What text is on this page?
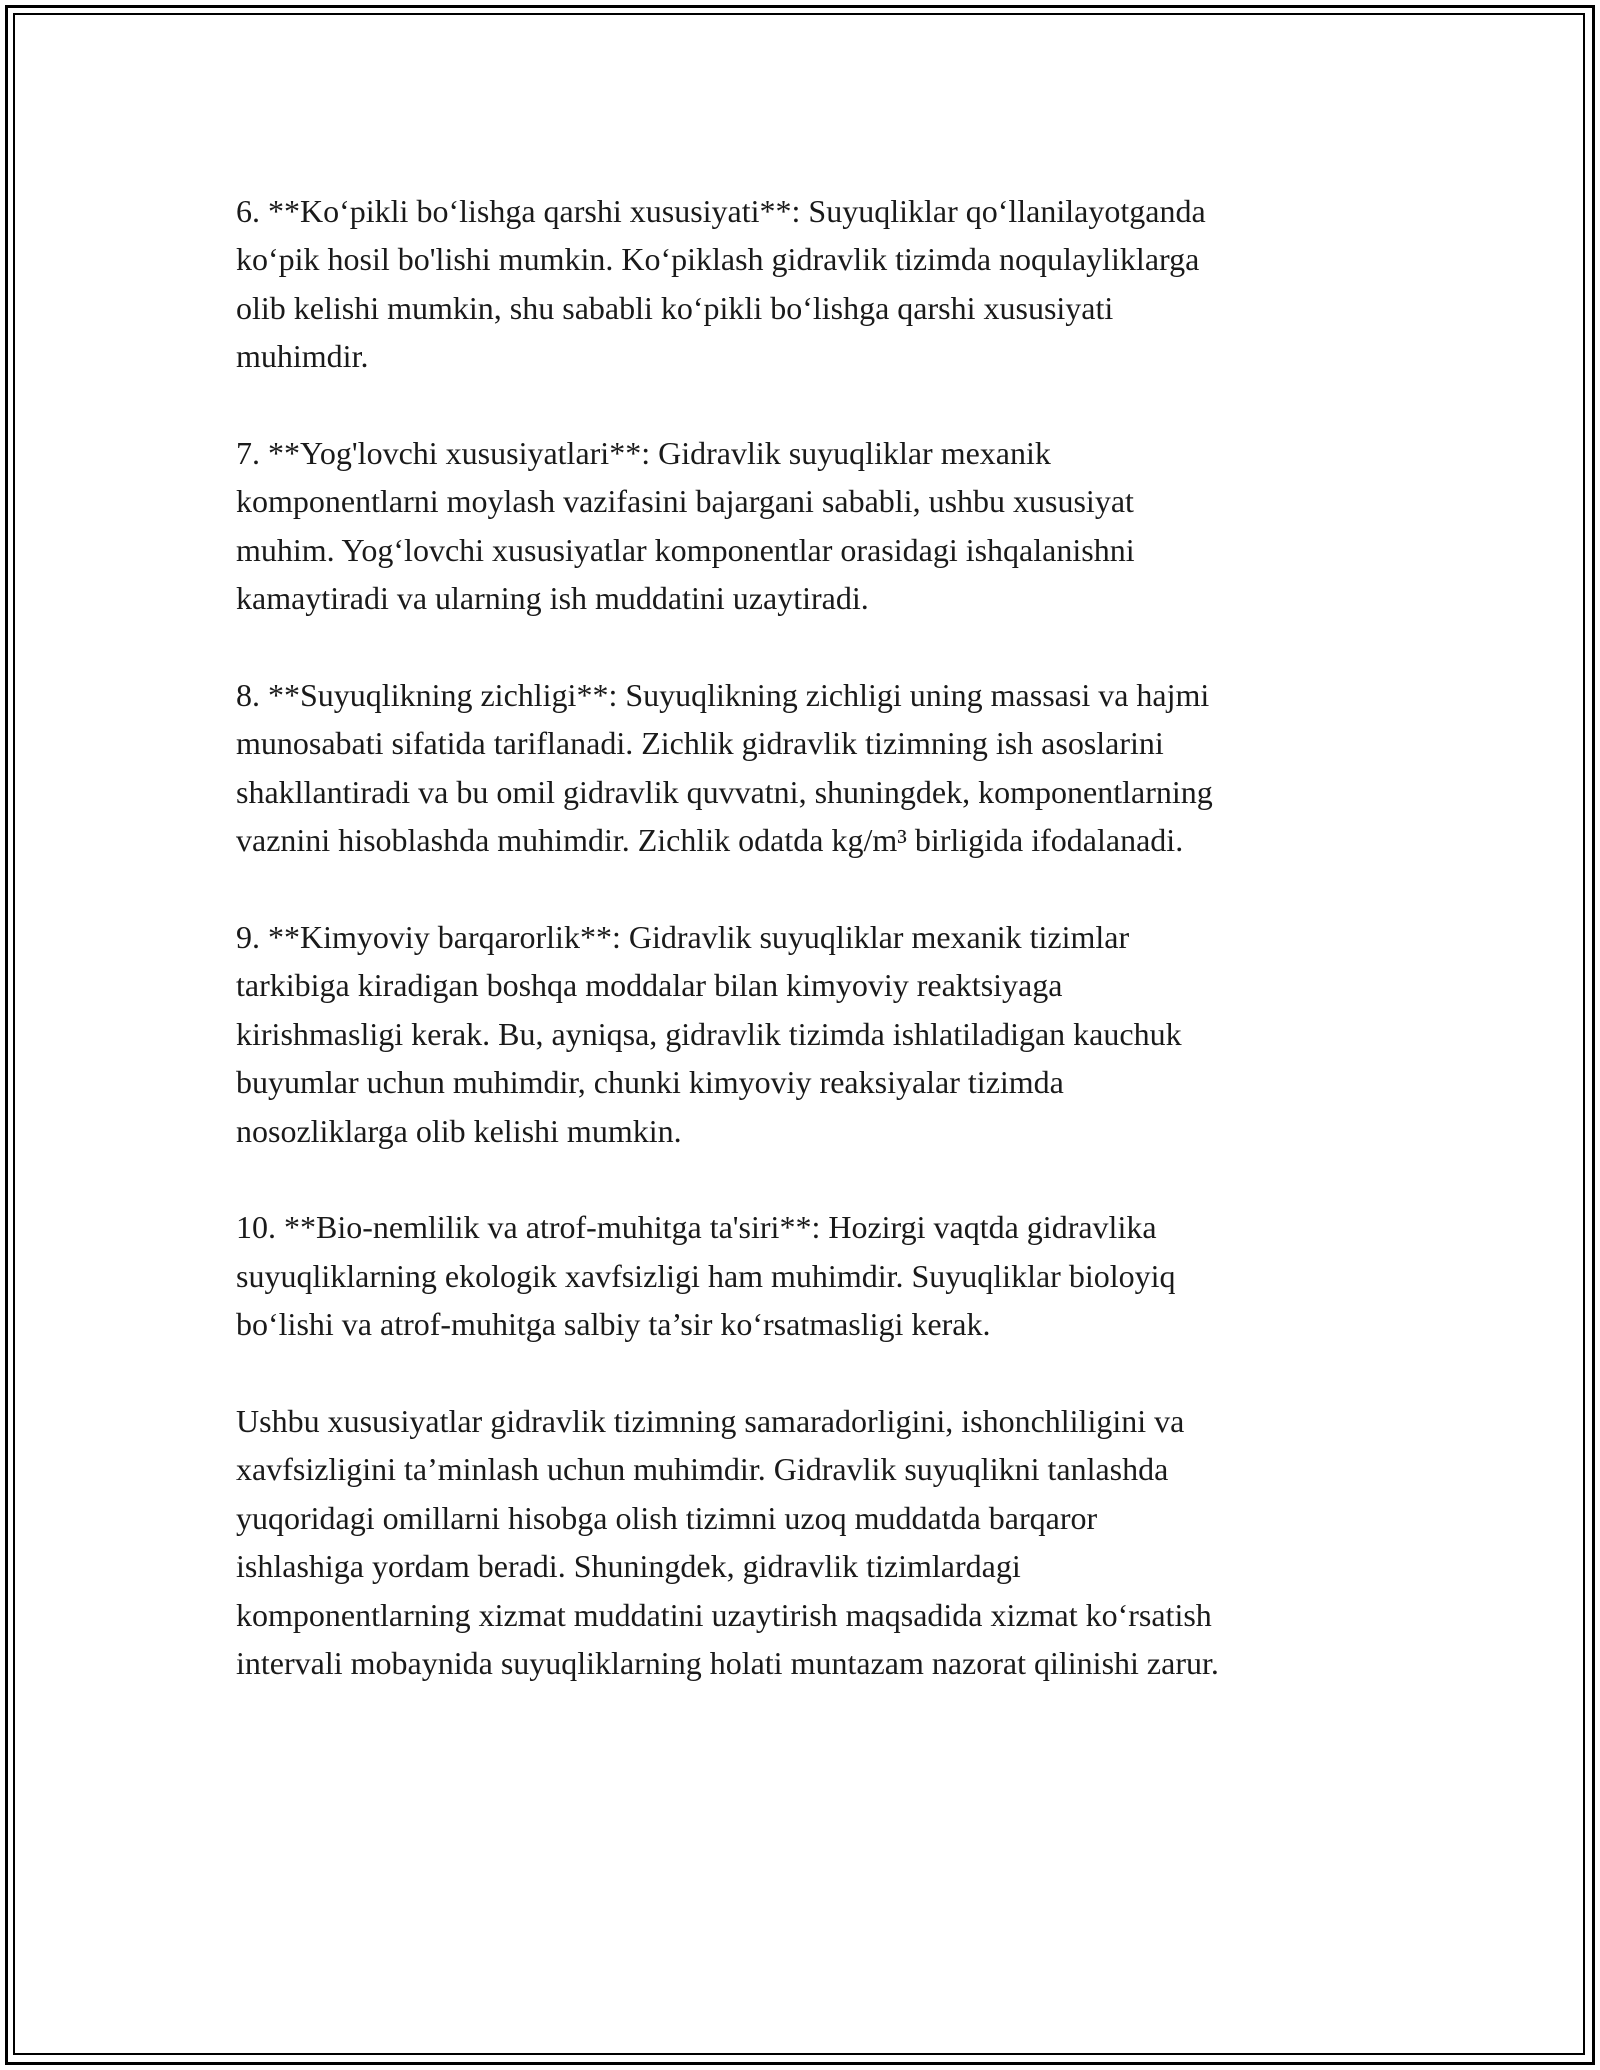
6. **Ko‘pikli bo‘lishga qarshi xususiyati**: Suyuqliklar qo‘llanilayotganda
ko‘pik hosil bo'lishi mumkin. Ko‘piklash gidravlik tizimda noqulayliklarga
olib kelishi mumkin, shu sababli ko‘pikli bo‘lishga qarshi xususiyati
muhimdir.

7. **Yog'lovchi xususiyatlari**: Gidravlik suyuqliklar mexanik
komponentlarni moylash vazifasini bajargani sababli, ushbu xususiyat
muhim. Yog‘lovchi xususiyatlar komponentlar orasidagi ishqalanishni
kamaytiradi va ularning ish muddatini uzaytiradi.

8. **Suyuqlikning zichligi**: Suyuqlikning zichligi uning massasi va hajmi
munosabati sifatida tariflanadi. Zichlik gidravlik tizimning ish asoslarini
shakllantiradi va bu omil gidravlik quvvatni, shuningdek, komponentlarning
vaznini hisoblashda muhimdir. Zichlik odatda kg/m³ birligida ifodalanadi.

9. **Kimyoviy barqarorlik**: Gidravlik suyuqliklar mexanik tizimlar
tarkibiga kiradigan boshqa moddalar bilan kimyoviy reaktsiyaga
kirishmasligi kerak. Bu, ayniqsa, gidravlik tizimda ishlatiladigan kauchuk
buyumlar uchun muhimdir, chunki kimyoviy reaksiyalar tizimda
nosozliklarga olib kelishi mumkin.

10. **Bio-nemlilik va atrof-muhitga ta'siri**: Hozirgi vaqtda gidravlika
suyuqliklarning ekologik xavfsizligi ham muhimdir. Suyuqliklar bioloyiq
bo‘lishi va atrof-muhitga salbiy ta’sir ko‘rsatmasligi kerak.

Ushbu xususiyatlar gidravlik tizimning samaradorligini, ishonchliligini va
xavfsizligini ta’minlash uchun muhimdir. Gidravlik suyuqlikni tanlashda
yuqoridagi omillarni hisobga olish tizimni uzoq muddatda barqaror
ishlashiga yordam beradi. Shuningdek, gidravlik tizimlardagi
komponentlarning xizmat muddatini uzaytirish maqsadida xizmat ko‘rsatish
intervali mobaynida suyuqliklarning holati muntazam nazorat qilinishi zarur.
